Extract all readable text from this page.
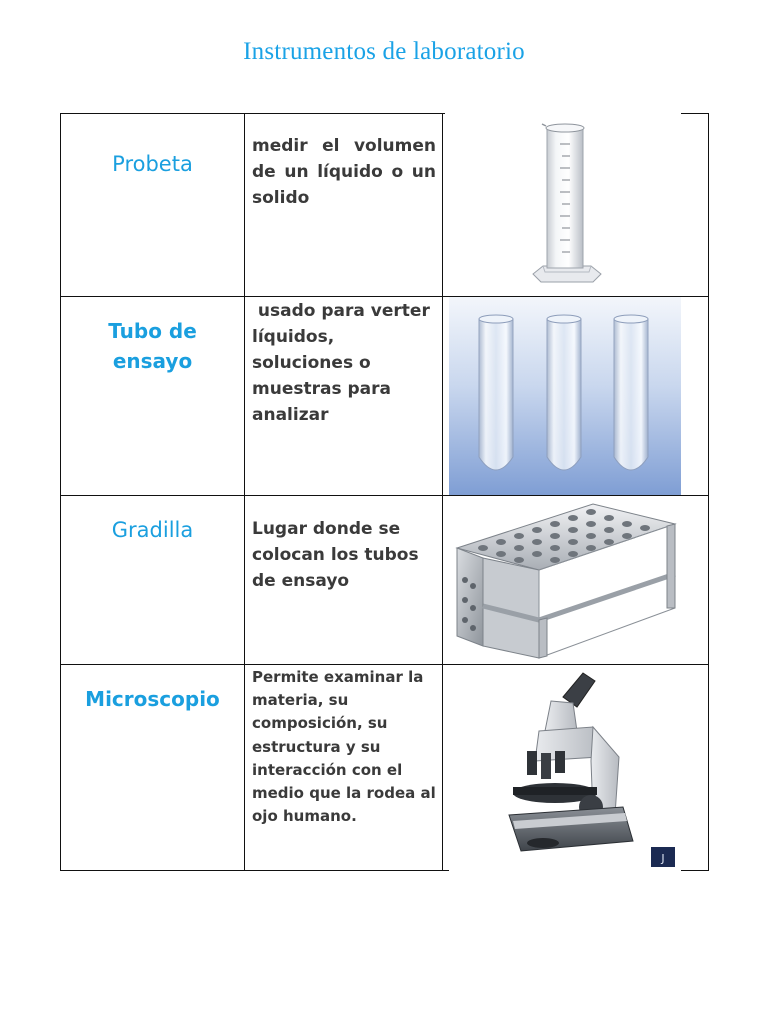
Instrumentos de laboratorio
Probeta
medir el volumen de un líquido o un solido
Tubo de ensayo
usado para verter líquidos, soluciones o muestras para analizar
Gradilla	Lugar donde se colocan los tubos de ensayo
Microscopio
Permite examinar la materia, su composición, su estructura y su interacción con el medio que la rodea al ojo humano.
J
